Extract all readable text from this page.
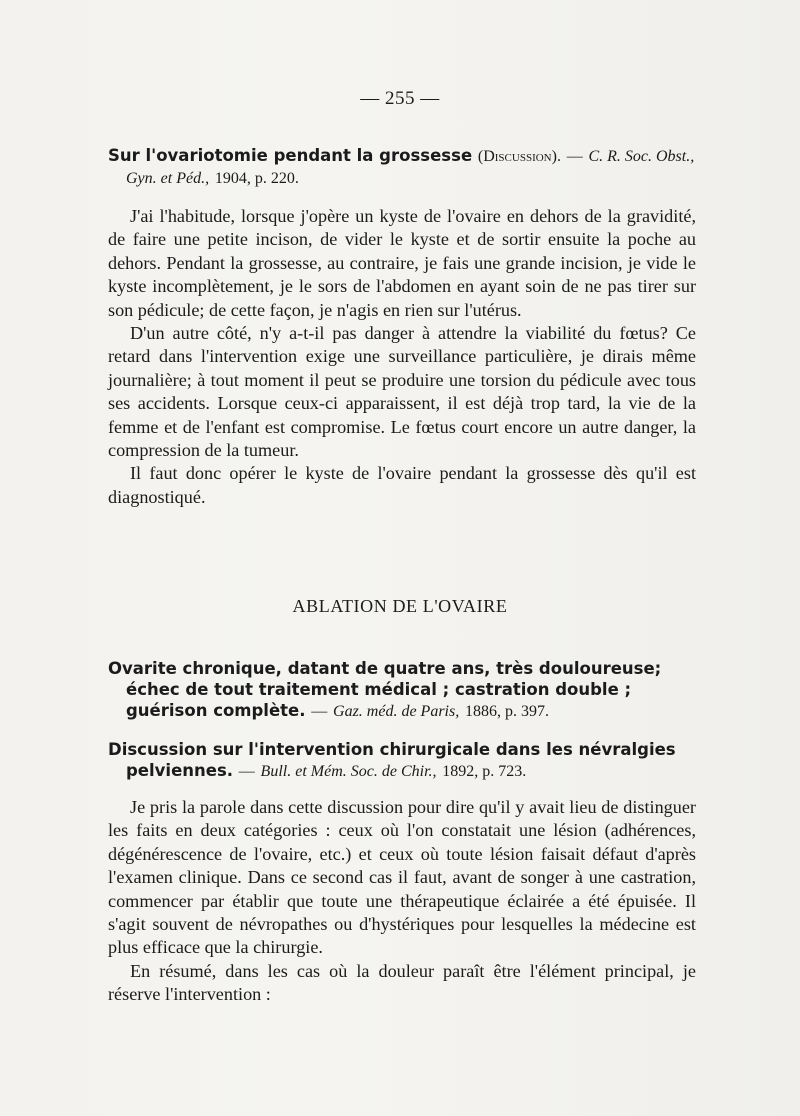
— 255 —
Sur l'ovariotomie pendant la grossesse (Discussion). — C. R. Soc. Obst., Gyn. et Péd., 1904, p. 220.

J'ai l'habitude, lorsque j'opère un kyste de l'ovaire en dehors de la gravidité, de faire une petite incison, de vider le kyste et de sortir ensuite la poche au dehors. Pendant la grossesse, au contraire, je fais une grande incision, je vide le kyste incomplètement, je le sors de l'abdomen en ayant soin de ne pas tirer sur son pédicule; de cette façon, je n'agis en rien sur l'utérus.

D'un autre côté, n'y a-t-il pas danger à attendre la viabilité du fœtus? Ce retard dans l'intervention exige une surveillance particulière, je dirais même journalière; à tout moment il peut se produire une torsion du pédicule avec tous ses accidents. Lorsque ceux-ci apparaissent, il est déjà trop tard, la vie de la femme et de l'enfant est compromise. Le fœtus court encore un autre danger, la compression de la tumeur.

Il faut donc opérer le kyste de l'ovaire pendant la grossesse dès qu'il est diagnostiqué.

ABLATION DE L'OVAIRE
Ovarite chronique, datant de quatre ans, très douloureuse; échec de tout traitement médical ; castration double ; guérison complète. — Gaz. méd. de Paris, 1886, p. 397.
Discussion sur l'intervention chirurgicale dans les névralgies pelviennes. — Bull. et Mém. Soc. de Chir., 1892, p. 723.

Je pris la parole dans cette discussion pour dire qu'il y avait lieu de distinguer les faits en deux catégories : ceux où l'on constatait une lésion (adhérences, dégénérescence de l'ovaire, etc.) et ceux où toute lésion faisait défaut d'après l'examen clinique. Dans ce second cas il faut, avant de songer à une castration, commencer par établir que toute une thérapeutique éclairée a été épuisée. Il s'agit souvent de névropathes ou d'hystériques pour lesquelles la médecine est plus efficace que la chirurgie.

En résumé, dans les cas où la douleur paraît être l'élément principal, je réserve l'intervention :
